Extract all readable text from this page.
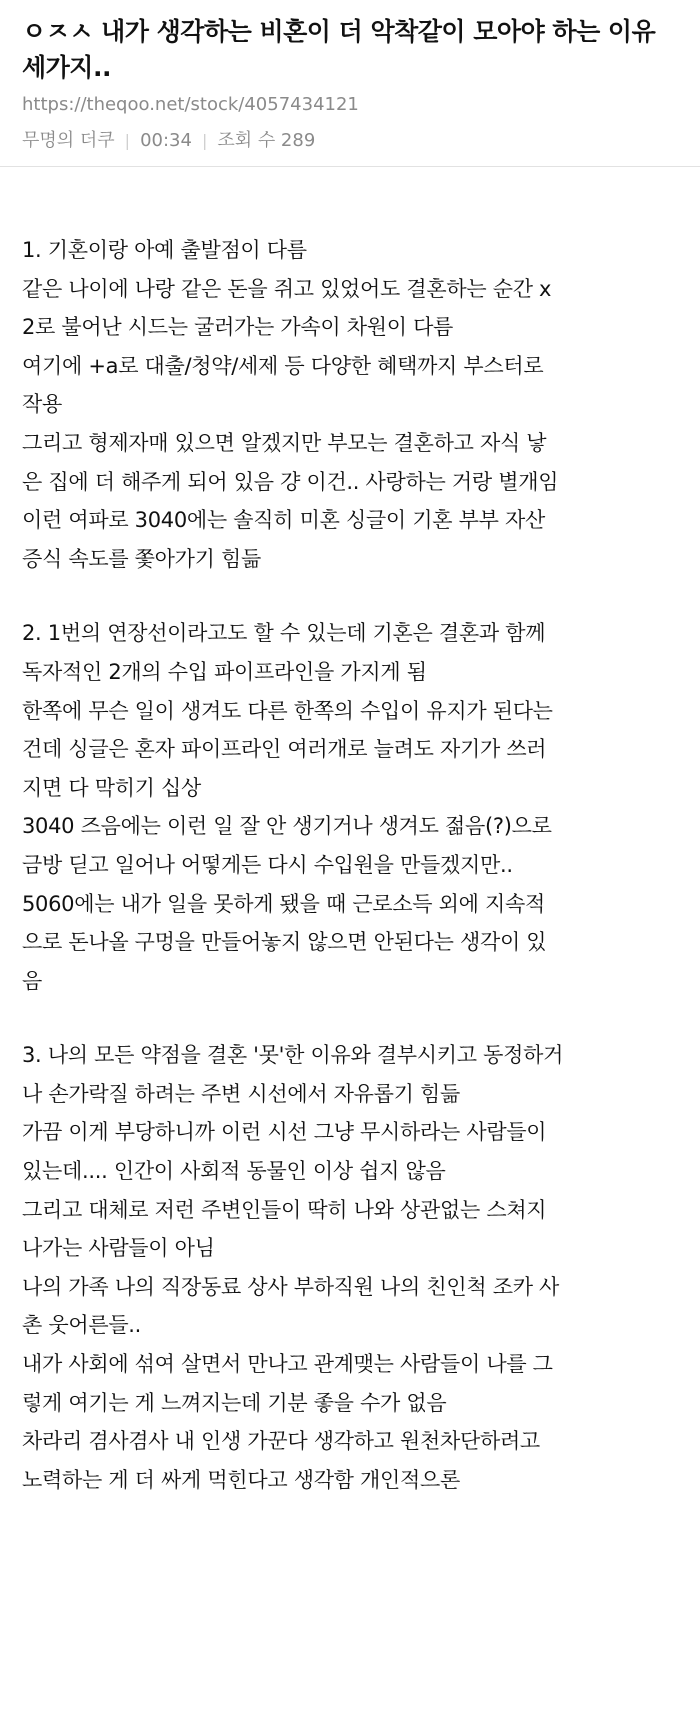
ㅇㅈㅅ 내가 생각하는 비혼이 더 악착같이 모아야 하는 이유
세가지..
https://theqoo.net/stock/4057434121
무명의 더쿠 | 00:34 | 조회 수 289
1. 기혼이랑 아예 출발점이 다름
같은 나이에 나랑 같은 돈을 쥐고 있었어도 결혼하는 순간 x
2로 불어난 시드는 굴러가는 가속이 차원이 다름
여기에 +a로 대출/청약/세제 등 다양한 혜택까지 부스터로
작용
그리고 형제자매 있으면 알겠지만 부모는 결혼하고 자식 낳
은 집에 더 해주게 되어 있음 걍 이건.. 사랑하는 거랑 별개임
이런 여파로 3040에는 솔직히 미혼 싱글이 기혼 부부 자산
증식 속도를 쫓아가기 힘듦
2. 1번의 연장선이라고도 할 수 있는데 기혼은 결혼과 함께
독자적인 2개의 수입 파이프라인을 가지게 됨
한쪽에 무슨 일이 생겨도 다른 한쪽의 수입이 유지가 된다는
건데 싱글은 혼자 파이프라인 여러개로 늘려도 자기가 쓰러
지면 다 막히기 십상
3040 즈음에는 이런 일 잘 안 생기거나 생겨도 젊음(?)으로
금방 딛고 일어나 어떻게든 다시 수입원을 만들겠지만..
5060에는 내가 일을 못하게 됐을 때 근로소득 외에 지속적
으로 돈나올 구멍을 만들어놓지 않으면 안된다는 생각이 있
음
3. 나의 모든 약점을 결혼 '못'한 이유와 결부시키고 동정하거
나 손가락질 하려는 주변 시선에서 자유롭기 힘듦
가끔 이게 부당하니까 이런 시선 그냥 무시하라는 사람들이
있는데.... 인간이 사회적 동물인 이상 쉽지 않음
그리고 대체로 저런 주변인들이 딱히 나와 상관없는 스쳐지
나가는 사람들이 아님
나의 가족 나의 직장동료 상사 부하직원 나의 친인척 조카 사
촌 웃어른들..
내가 사회에 섞여 살면서 만나고 관계맺는 사람들이 나를 그
렇게 여기는 게 느껴지는데 기분 좋을 수가 없음
차라리 겸사겸사 내 인생 가꾼다 생각하고 원천차단하려고
노력하는 게 더 싸게 먹힌다고 생각함 개인적으론
